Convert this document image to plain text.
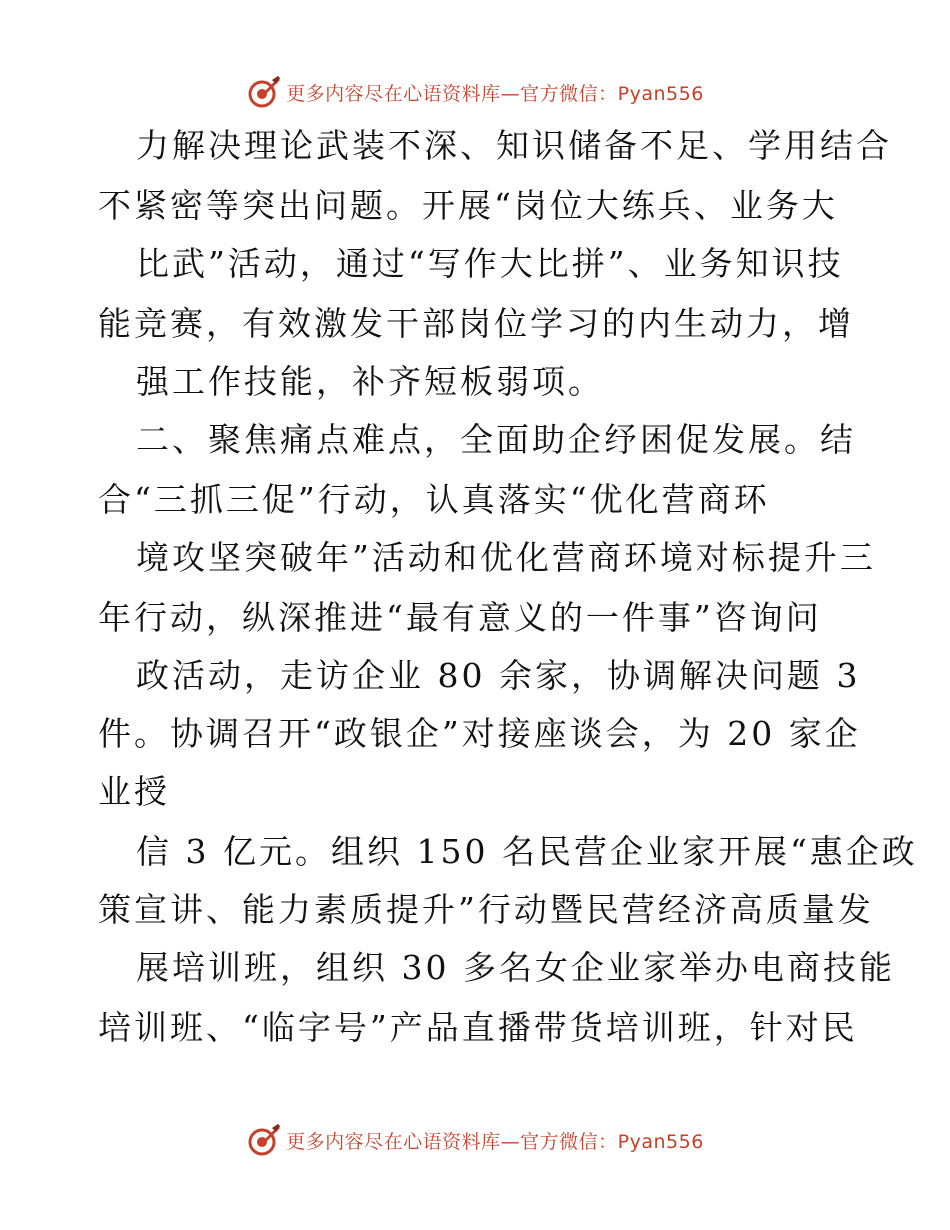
更多内容尽在心语资料库—官方微信：Pyan556

力解决理论武装不深、知识储备不足、学用结合

不紧密等突出问题。开展“岗位大练兵、业务大

比武”活动，通过“写作大比拼”、业务知识技

能竞赛，有效激发干部岗位学习的内生动力，增

强工作技能，补齐短板弱项。

二、聚焦痛点难点，全面助企纾困促发展。结

合“三抓三促”行动，认真落实“优化营商环

境攻坚突破年”活动和优化营商环境对标提升三

年行动，纵深推进“最有意义的一件事”咨询问

政活动，走访企业 80 余家，协调解决问题 3

件。协调召开“政银企”对接座谈会，为 20 家企

业授

信 3 亿元。组织 150 名民营企业家开展“惠企政

策宣讲、能力素质提升”行动暨民营经济高质量发

展培训班，组织 30 多名女企业家举办电商技能

培训班、“临字号”产品直播带货培训班，针对民

更多内容尽在心语资料库—官方微信：Pyan556
